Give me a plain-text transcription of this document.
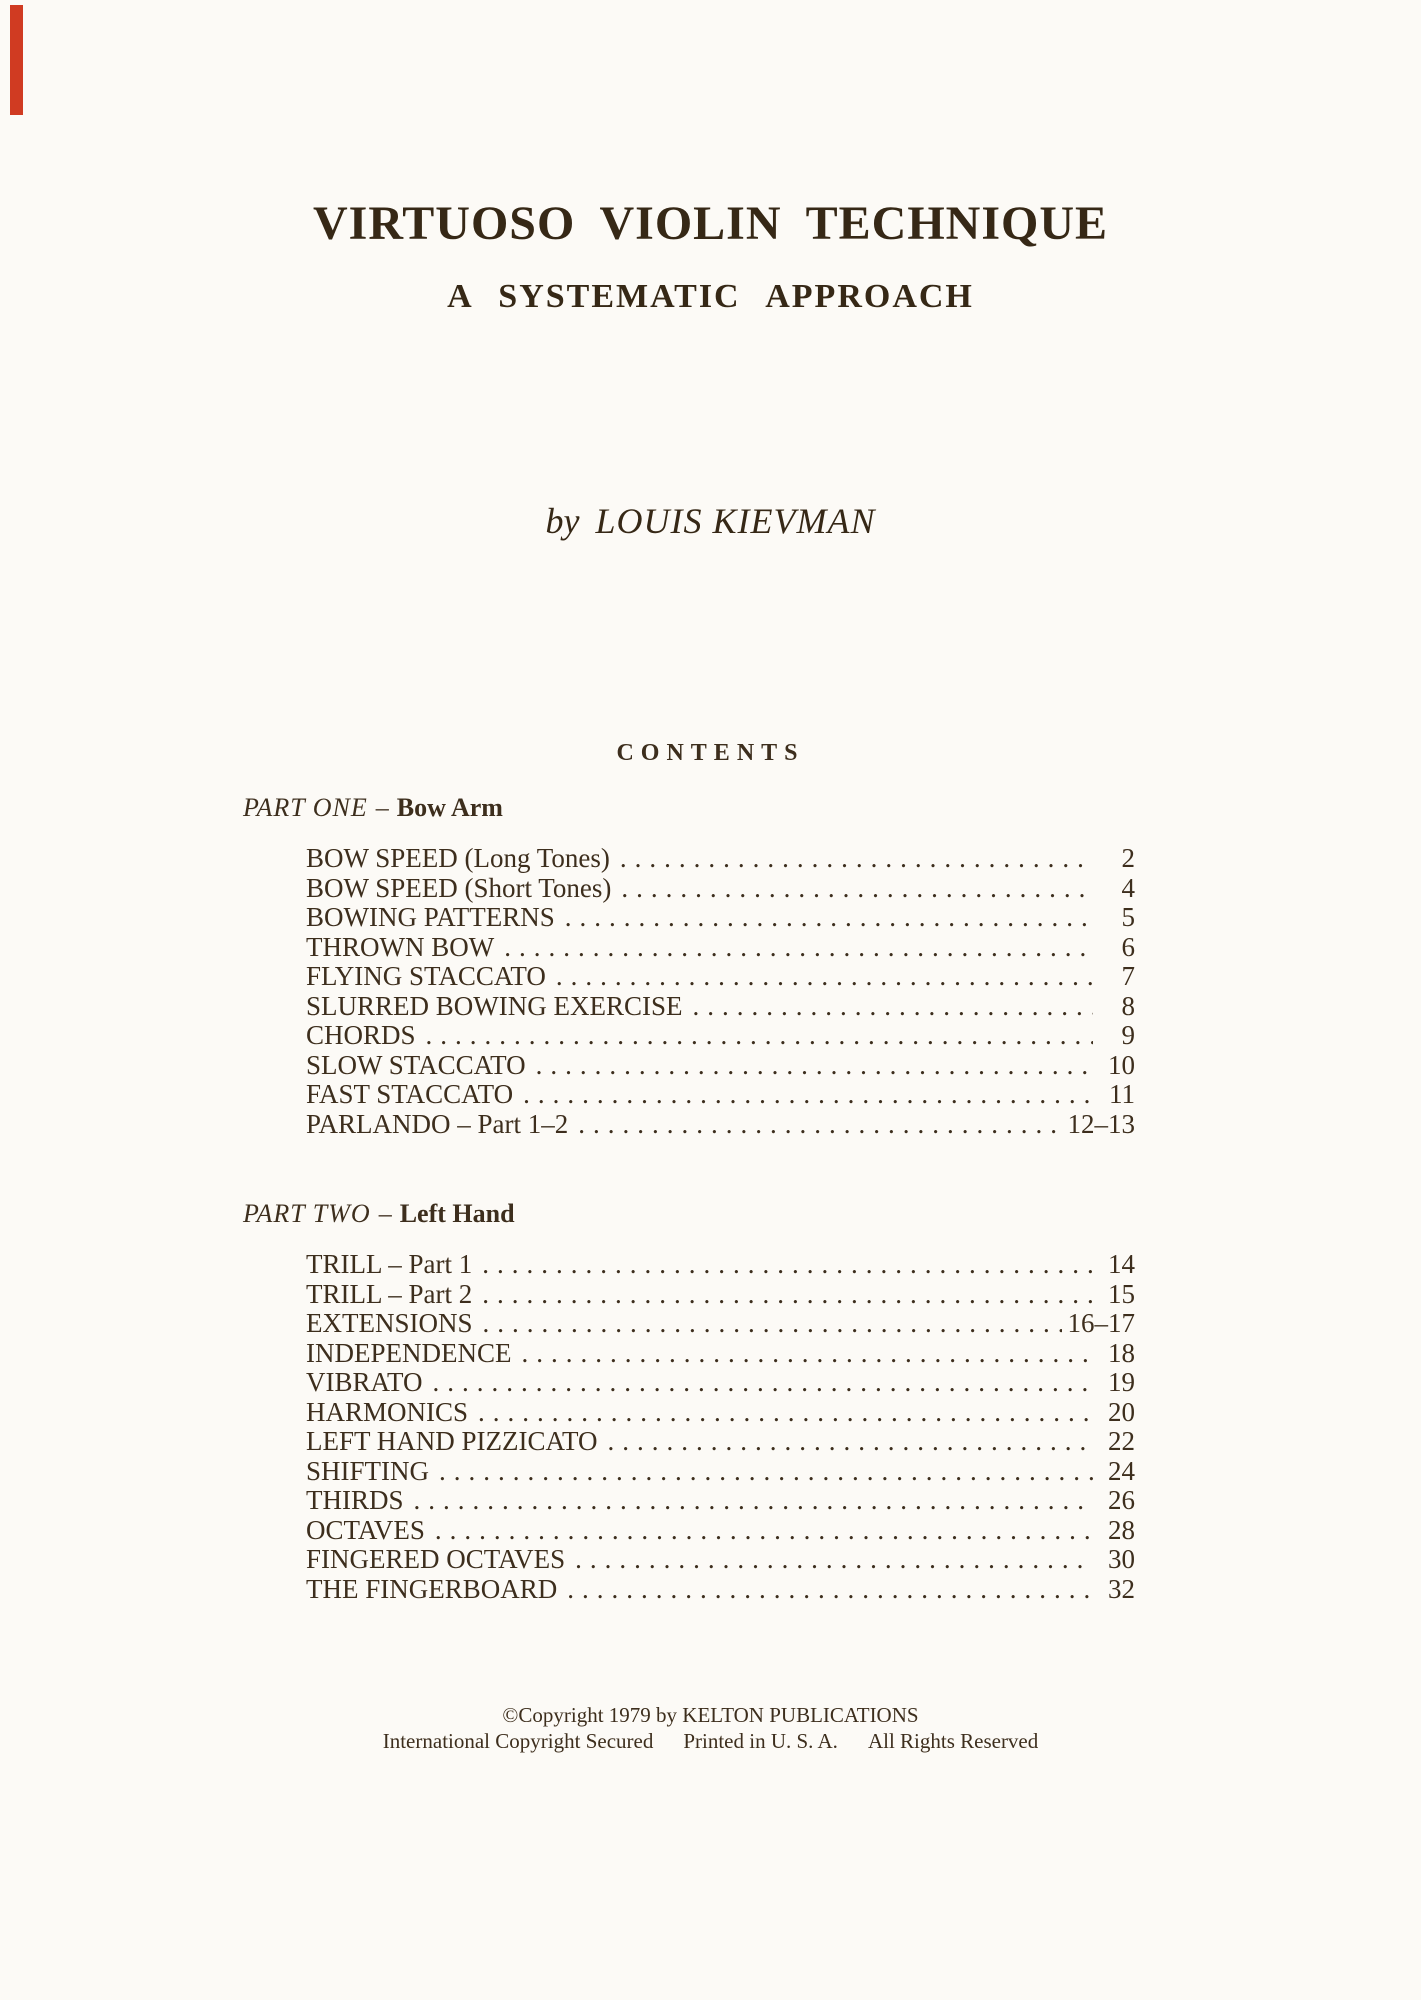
VIRTUOSO VIOLIN TECHNIQUE
A SYSTEMATIC APPROACH
by LOUIS KIEVMAN
CONTENTS
PART ONE – Bow Arm
BOW SPEED (Long Tones) .....	2
BOW SPEED (Short Tones) .....	4
BOWING PATTERNS .....	5
THROWN BOW .....	6
FLYING STACCATO .....	7
SLURRED BOWING EXERCISE .....	8
CHORDS .....	9
SLOW STACCATO .....	10
FAST STACCATO .....	11
PARLANDO – Part 1–2 .....	12–13
PART TWO – Left Hand
TRILL – Part 1 .....	14
TRILL – Part 2 .....	15
EXTENSIONS .....	16–17
INDEPENDENCE .....	18
VIBRATO .....	19
HARMONICS .....	20
LEFT HAND PIZZICATO .....	22
SHIFTING .....	24
THIRDS .....	26
OCTAVES .....	28
FINGERED OCTAVES .....	30
THE FINGERBOARD .....	32
©Copyright 1979 by KELTON PUBLICATIONS
International Copyright Secured Printed in U. S. A. All Rights Reserved
